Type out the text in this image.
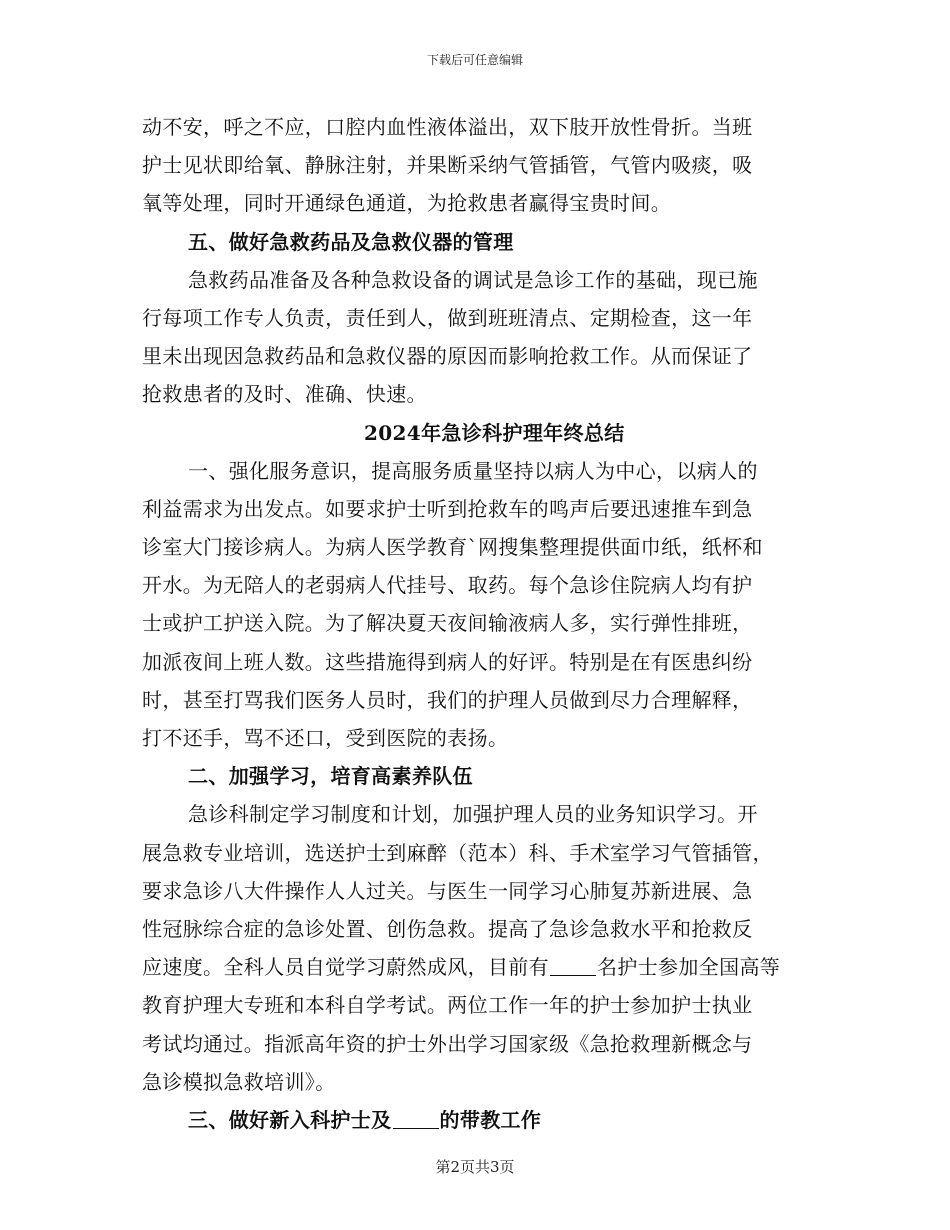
下载后可任意编辑
动不安，呼之不应，口腔内血性液体溢出，双下肢开放性骨折。当班
护士见状即给氧、静脉注射，并果断采纳气管插管，气管内吸痰，吸
氧等处理，同时开通绿色通道，为抢救患者赢得宝贵时间。
五、做好急救药品及急救仪器的管理
急救药品准备及各种急救设备的调试是急诊工作的基础，现已施
行每项工作专人负责，责任到人，做到班班清点、定期检查，这一年
里未出现因急救药品和急救仪器的原因而影响抢救工作。从而保证了
抢救患者的及时、准确、快速。
2024年急诊科护理年终总结
一、强化服务意识，提高服务质量坚持以病人为中心，以病人的
利益需求为出发点。如要求护士听到抢救车的鸣声后要迅速推车到急
诊室大门接诊病人。为病人医学教育`网搜集整理提供面巾纸，纸杯和
开水。为无陪人的老弱病人代挂号、取药。每个急诊住院病人均有护
士或护工护送入院。为了解决夏天夜间输液病人多，实行弹性排班，
加派夜间上班人数。这些措施得到病人的好评。特别是在有医患纠纷
时，甚至打骂我们医务人员时，我们的护理人员做到尽力合理解释，
打不还手，骂不还口，受到医院的表扬。
二、加强学习，培育高素养队伍
急诊科制定学习制度和计划，加强护理人员的业务知识学习。开
展急救专业培训，选送护士到麻醉（范本）科、手术室学习气管插管，
要求急诊八大件操作人人过关。与医生一同学习心肺复苏新进展、急
性冠脉综合症的急诊处置、创伤急救。提高了急诊急救水平和抢救反
应速度。全科人员自觉学习蔚然成风，目前有 名护士参加全国高等
教育护理大专班和本科自学考试。两位工作一年的护士参加护士执业
考试均通过。指派高年资的护士外出学习国家级《急抢救理新概念与
急诊模拟急救培训》。
三、做好新入科护士及 的带教工作
第2页共3页
